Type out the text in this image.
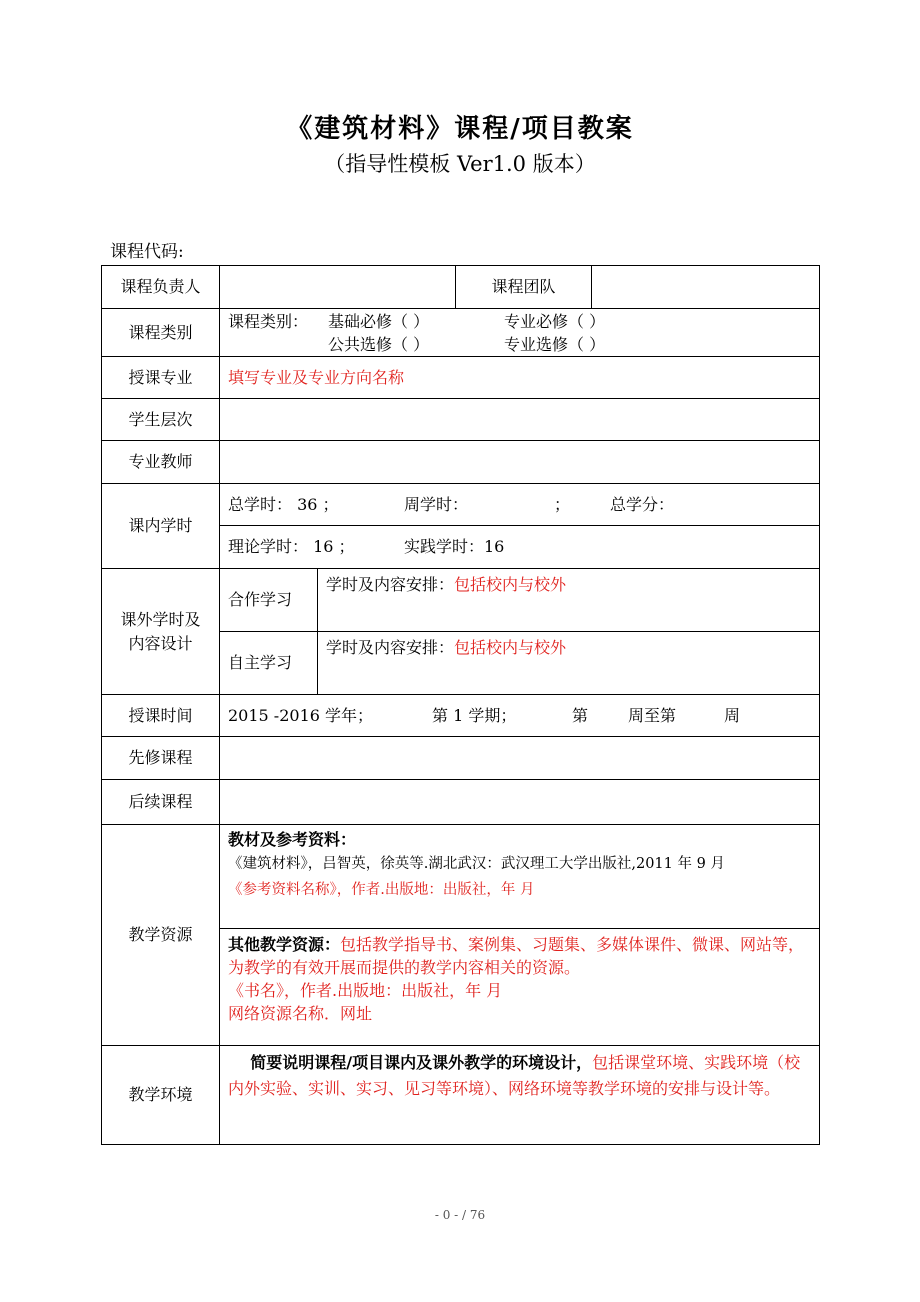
《建筑材料》课程/项目教案
（指导性模板 Ver1.0 版本）
课程代码:
课程负责人			课程团队	
课程类别	课程类别： 基础必修（ ） 专业必修（ ）
公共选修（ ） 专业选修（ ）			

授课专业	填写专业及专业方向名称			
学生层次				
专业教师				
课内学时	总学时： 36 ； 周学时： ； 总学分：			
	理论学时： 16 ； 实践学时：16			

课外学时及
内容设计	合作学习	学时及内容安排：包括校内与校外		
	自主学习	学时及内容安排：包括校内与校外		
授课时间	2015 -2016 学年； 第 1 学期； 第 周至第 周			
先修课程				
后续课程				
教学资源	教材及参考资料：
《建筑材料》，吕智英，徐英等.湖北武汉：武汉理工大学出版社,2011 年 9 月
《参考资料名称》，作者.出版地：出版社，年 月			

	其他教学资源：包括教学指导书、案例集、习题集、多媒体课件、微课、网站等，
为教学的有效开展而提供的教学内容相关的资源。
《书名》，作者.出版地：出版社，年 月
网络资源名称．网址			

教学环境	简要说明课程/项目课内及课外教学的环境设计，包括课堂环境、实践环境（校
内外实验、实训、实习、见习等环境）、网络环境等教学环境的安排与设计等。			
- 0 - / 76
